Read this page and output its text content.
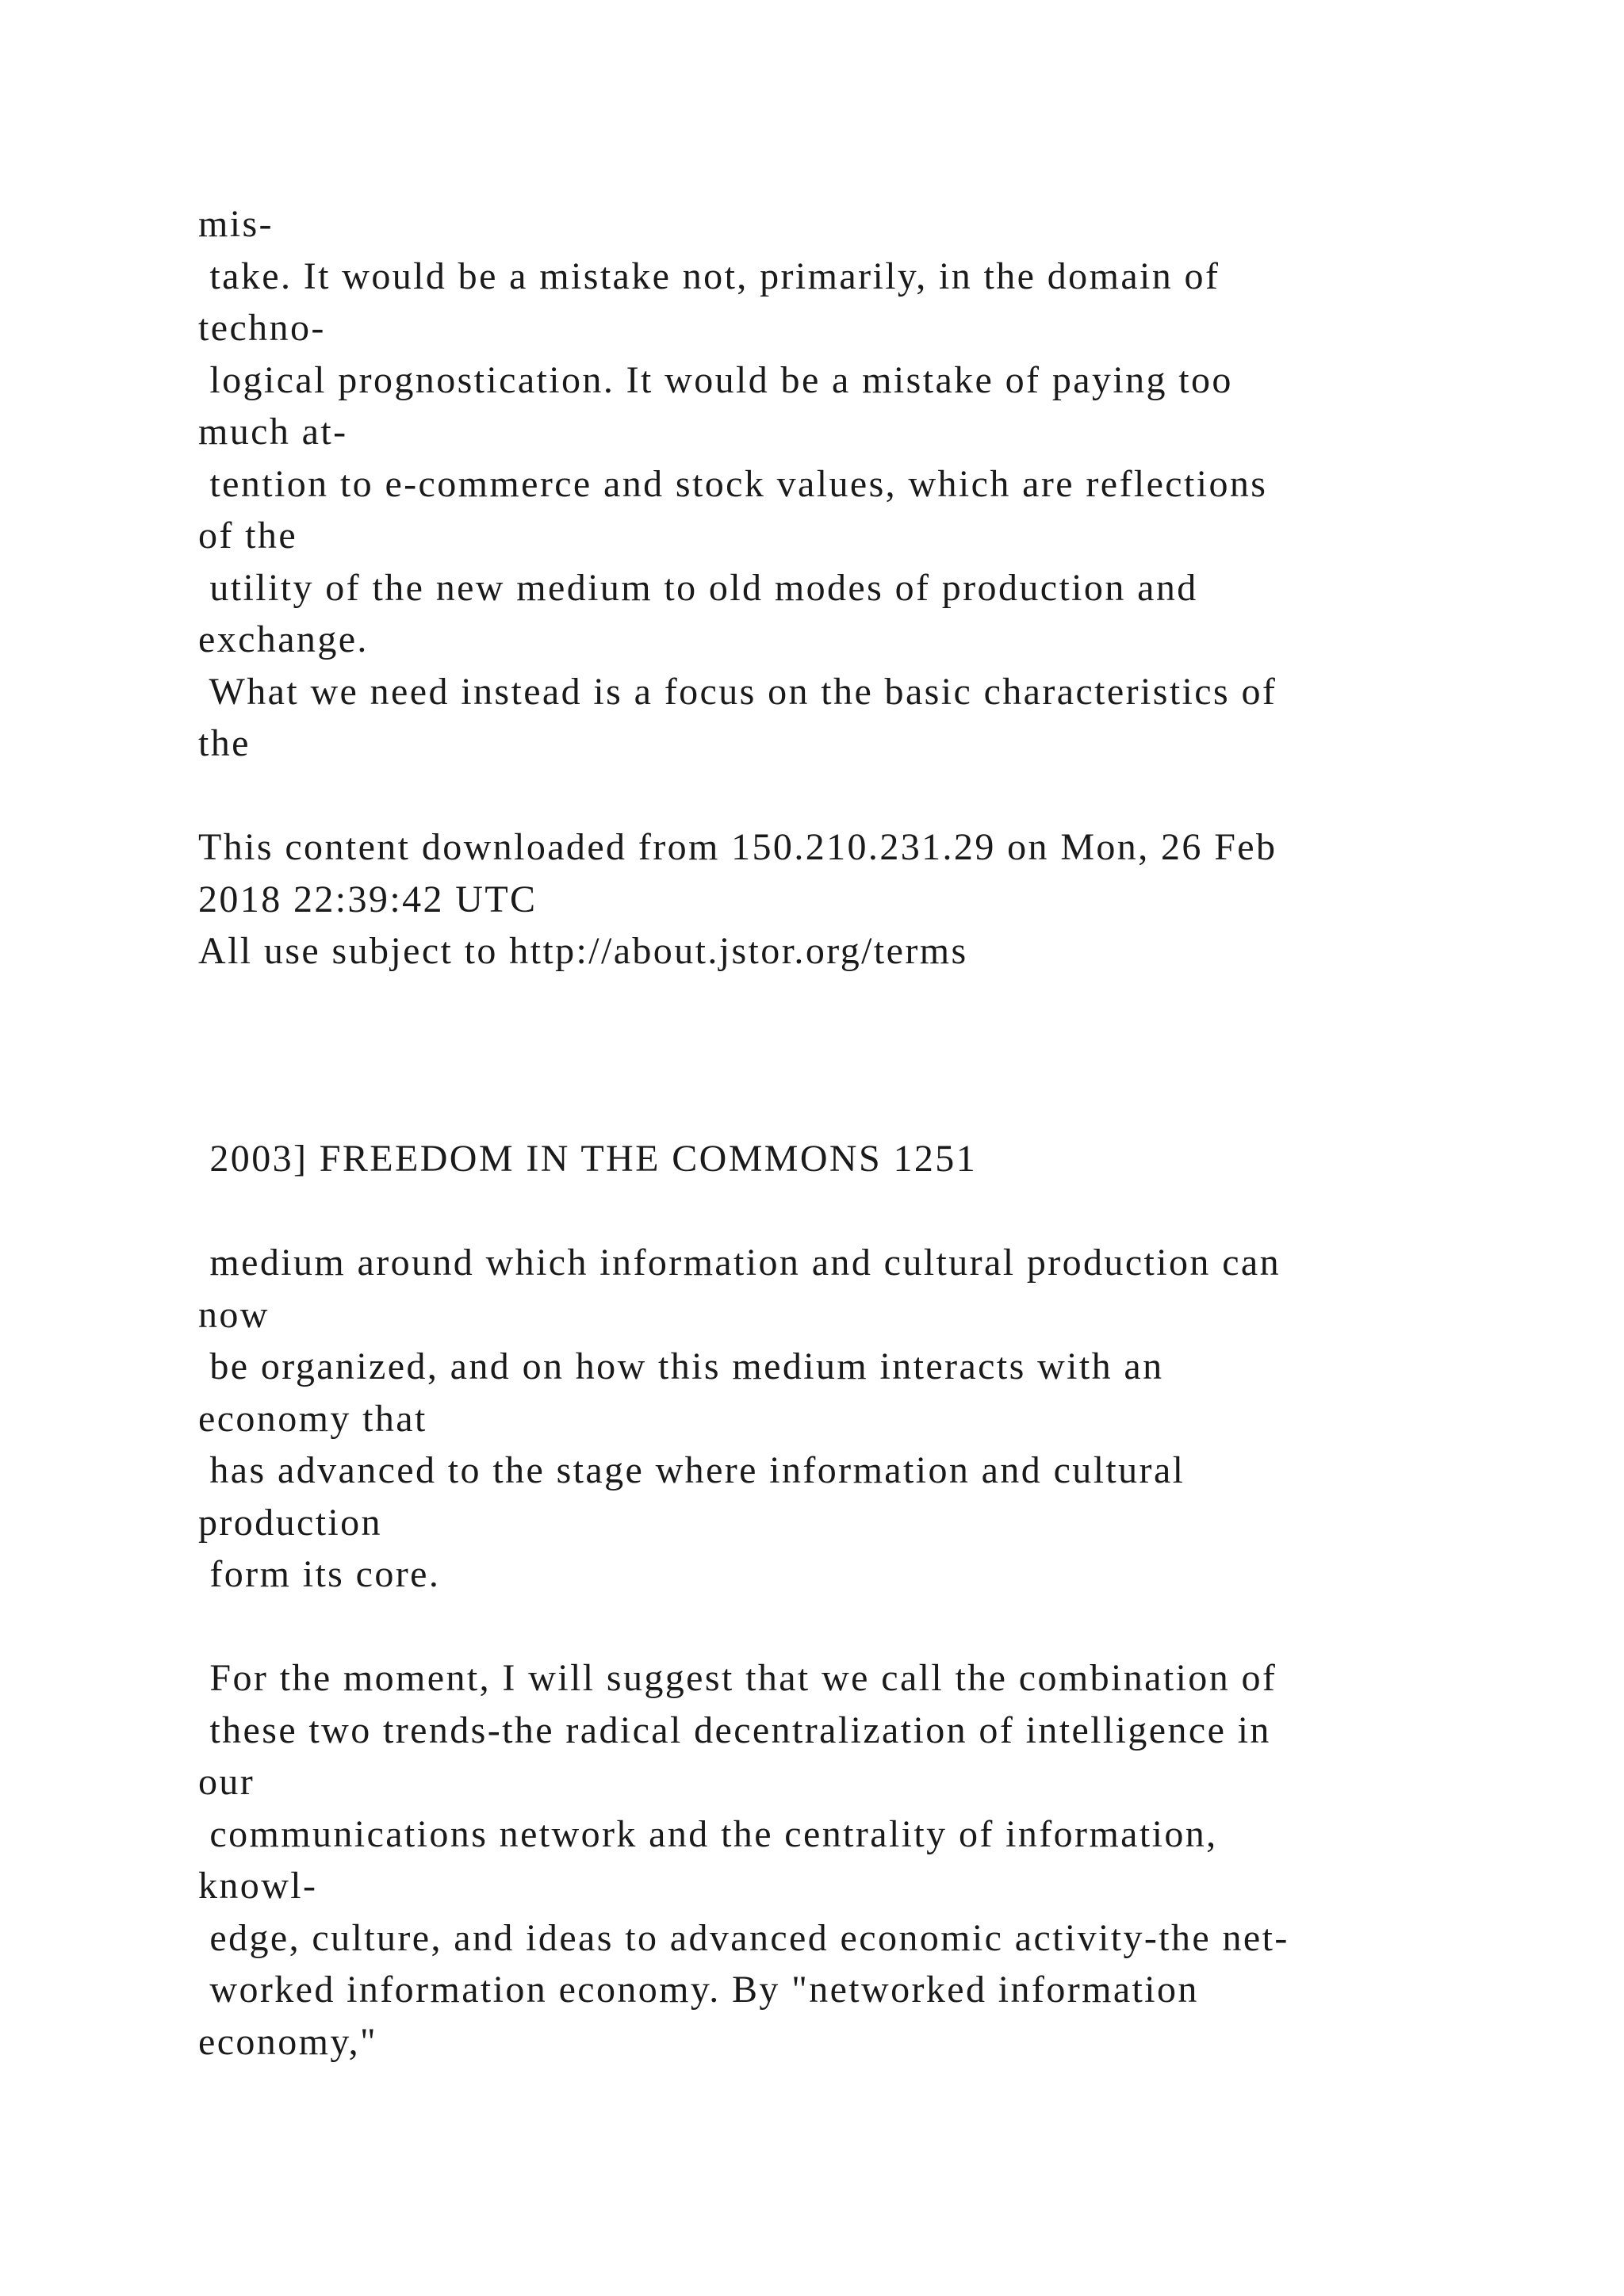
mis-
take. It would be a mistake not, primarily, in the domain of
techno-
logical prognostication. It would be a mistake of paying too
much at-
tention to e-commerce and stock values, which are reflections
of the
utility of the new medium to old modes of production and
exchange.
What we need instead is a focus on the basic characteristics of
the
This content downloaded from 150.210.231.29 on Mon, 26 Feb
2018 22:39:42 UTC
All use subject to http://about.jstor.org/terms
2003] FREEDOM IN THE COMMONS 1251
medium around which information and cultural production can
now
be organized, and on how this medium interacts with an
economy that
has advanced to the stage where information and cultural
production
form its core.
For the moment, I will suggest that we call the combination of
these two trends-the radical decentralization of intelligence in
our
communications network and the centrality of information,
knowl-
edge, culture, and ideas to advanced economic activity-the net-
worked information economy. By "networked information
economy,"
